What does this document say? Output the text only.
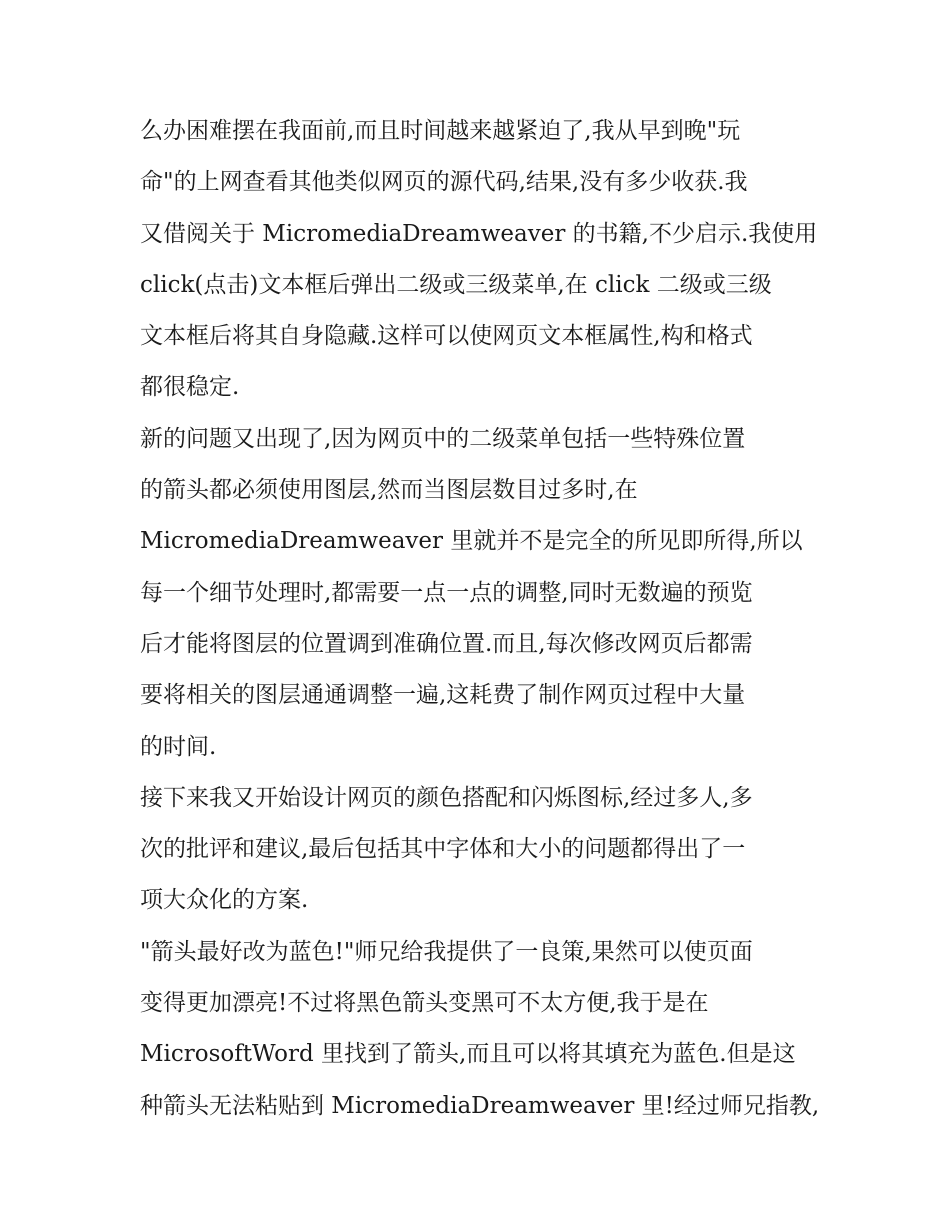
么办困难摆在我面前,而且时间越来越紧迫了,我从早到晚"玩
命"的上网查看其他类似网页的源代码,结果,没有多少收获.我
又借阅关于 MicromediaDreamweaver 的书籍,不少启示.我使用
click(点击)文本框后弹出二级或三级菜单,在 click 二级或三级
文本框后将其自身隐藏.这样可以使网页文本框属性,构和格式
都很稳定.
新的问题又出现了,因为网页中的二级菜单包括一些特殊位置
的箭头都必须使用图层,然而当图层数目过多时,在
MicromediaDreamweaver 里就并不是完全的所见即所得,所以
每一个细节处理时,都需要一点一点的调整,同时无数遍的预览
后才能将图层的位置调到准确位置.而且,每次修改网页后都需
要将相关的图层通通调整一遍,这耗费了制作网页过程中大量
的时间.
接下来我又开始设计网页的颜色搭配和闪烁图标,经过多人,多
次的批评和建议,最后包括其中字体和大小的问题都得出了一
项大众化的方案.
"箭头最好改为蓝色!"师兄给我提供了一良策,果然可以使页面
变得更加漂亮!不过将黑色箭头变黑可不太方便,我于是在
MicrosoftWord 里找到了箭头,而且可以将其填充为蓝色.但是这
种箭头无法粘贴到 MicromediaDreamweaver 里!经过师兄指教,
